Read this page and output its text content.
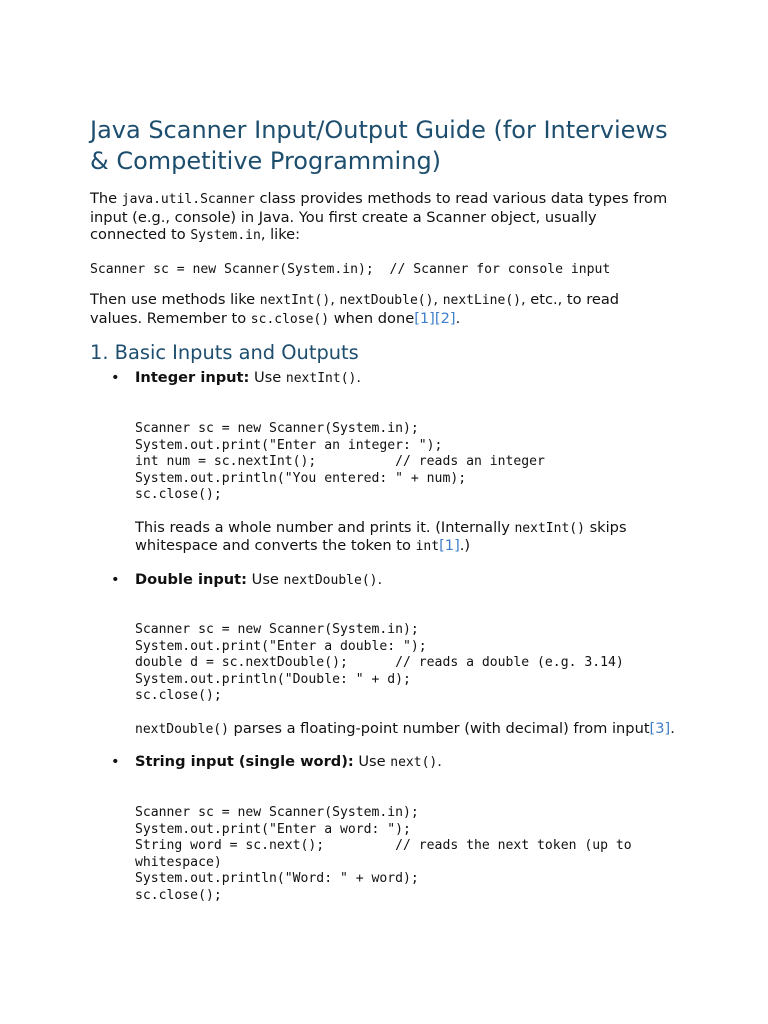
Java Scanner Input/Output Guide (for Interviews & Competitive Programming)

The java.util.Scanner class provides methods to read various data types from input (e.g., console) in Java. You first create a Scanner object, usually connected to System.in, like:

Scanner sc = new Scanner(System.in);  // Scanner for console input

Then use methods like nextInt(), nextDouble(), nextLine(), etc., to read values. Remember to sc.close() when done[1][2].

1. Basic Inputs and Outputs
• Integer input: Use nextInt().
Scanner sc = new Scanner(System.in);
System.out.print("Enter an integer: ");
int num = sc.nextInt();          // reads an integer
System.out.println("You entered: " + num);
sc.close();
This reads a whole number and prints it. (Internally nextInt() skips whitespace and converts the token to int[1].)
• Double input: Use nextDouble().
Scanner sc = new Scanner(System.in);
System.out.print("Enter a double: ");
double d = sc.nextDouble();      // reads a double (e.g. 3.14)
System.out.println("Double: " + d);
sc.close();
nextDouble() parses a floating-point number (with decimal) from input[3].
• String input (single word): Use next().
Scanner sc = new Scanner(System.in);
System.out.print("Enter a word: ");
String word = sc.next();         // reads the next token (up to whitespace)
System.out.println("Word: " + word);
sc.close();
